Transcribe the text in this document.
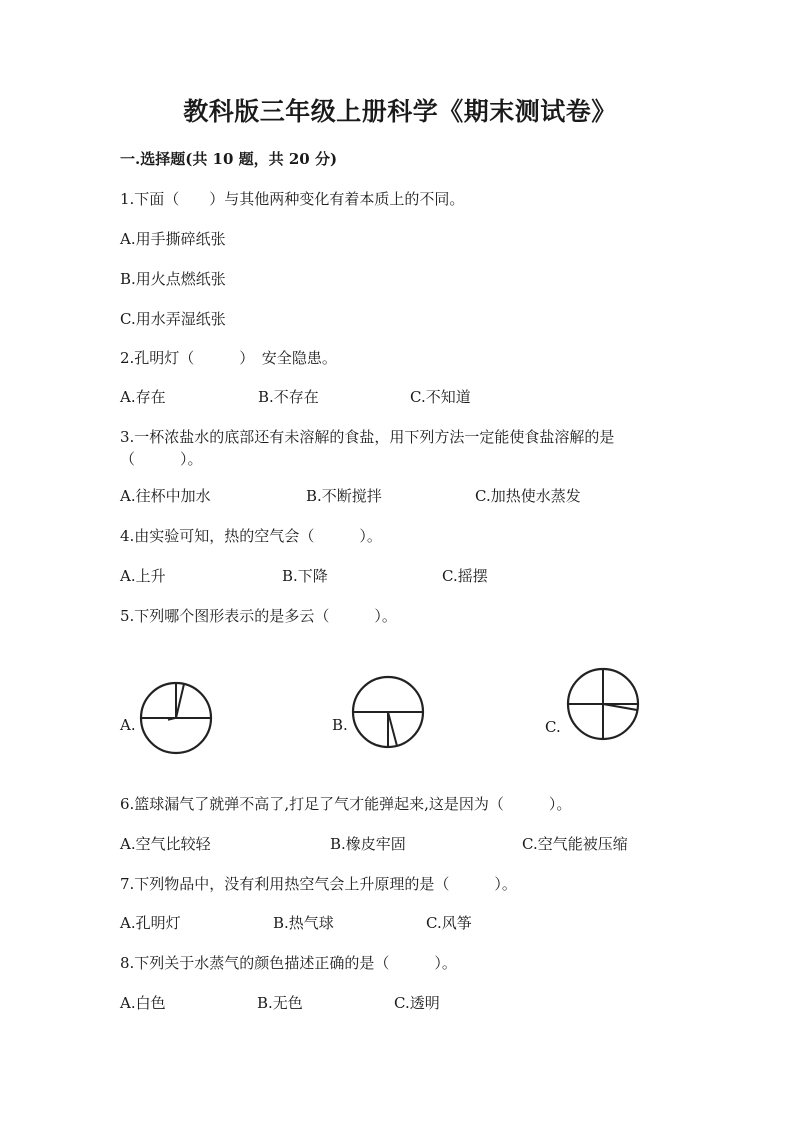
教科版三年级上册科学《期末测试卷》
一.选择题(共 10 题，共 20 分)
1.下面（　　）与其他两种变化有着本质上的不同。
A.用手撕碎纸张
B.用火点燃纸张
C.用水弄湿纸张
2.孔明灯（　　　）　安全隐患。
A.存在	B.不存在	C.不知道
3.一杯浓盐水的底部还有未溶解的食盐，用下列方法一定能使食盐溶解的是（　　　）。
A.往杯中加水	B.不断搅拌	C.加热使水蒸发
4.由实验可知，热的空气会（　　　）。
A.上升	B.下降	C.摇摆
5.下列哪个图形表示的是多云（　　　）。
A.	B.	C.
6.篮球漏气了就弹不高了,打足了气才能弹起来,这是因为（　　　）。
A.空气比较轻	B.橡皮牢固	C.空气能被压缩
7.下列物品中，没有利用热空气会上升原理的是（　　　）。
A.孔明灯	B.热气球	C.风筝
8.下列关于水蒸气的颜色描述正确的是（　　　）。
A.白色	B.无色	C.透明
